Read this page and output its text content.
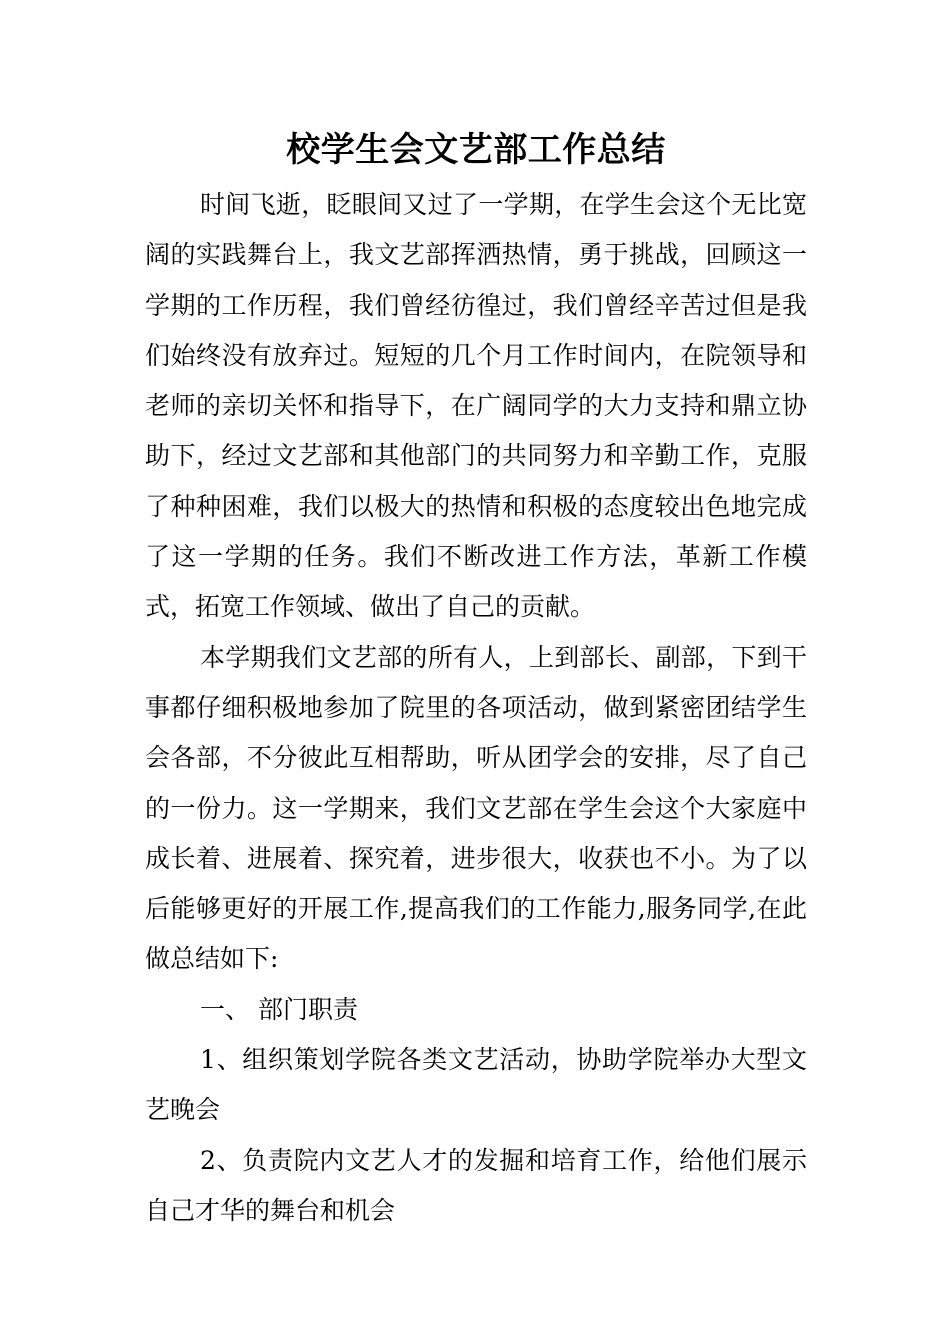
校学生会文艺部工作总结

时间飞逝，眨眼间又过了一学期，在学生会这个无比宽阔的实践舞台上，我文艺部挥洒热情，勇于挑战，回顾这一学期的工作历程，我们曾经彷徨过，我们曾经辛苦过但是我们始终没有放弃过。短短的几个月工作时间内，在院领导和老师的亲切关怀和指导下，在广阔同学的大力支持和鼎立协助下，经过文艺部和其他部门的共同努力和辛勤工作，克服了种种困难，我们以极大的热情和积极的态度较出色地完成了这一学期的任务。我们不断改进工作方法，革新工作模式，拓宽工作领域、做出了自己的贡献。

本学期我们文艺部的所有人，上到部长、副部，下到干事都仔细积极地参加了院里的各项活动，做到紧密团结学生会各部，不分彼此互相帮助，听从团学会的安排，尽了自己的一份力。这一学期来，我们文艺部在学生会这个大家庭中成长着、进展着、探究着，进步很大，收获也不小。为了以后能够更好的开展工作,提高我们的工作能力,服务同学,在此做总结如下:

一、 部门职责

1、组织策划学院各类文艺活动，协助学院举办大型文艺晚会

2、负责院内文艺人才的发掘和培育工作，给他们展示自己才华的舞台和机会
